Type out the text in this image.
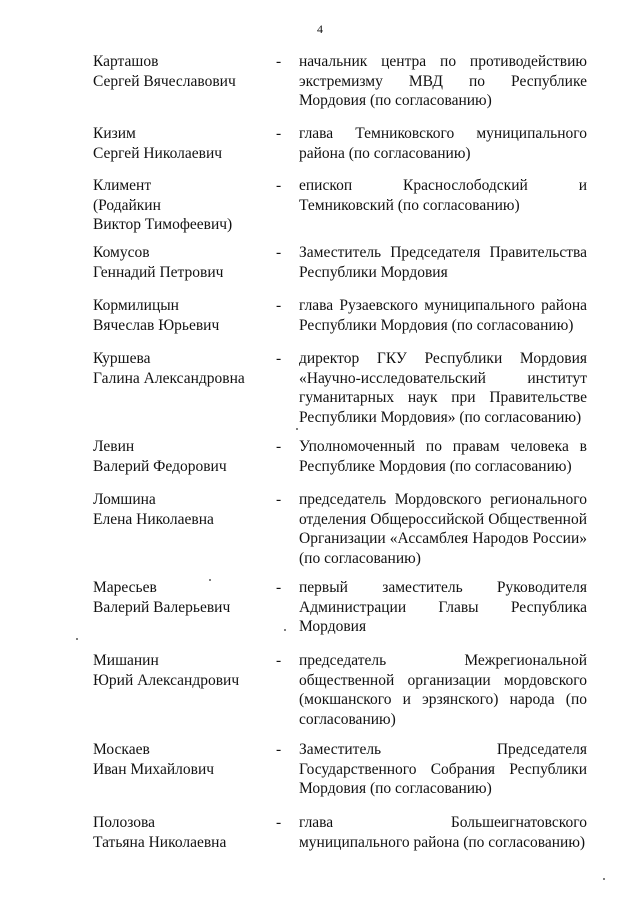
4
Карташов
Сергей Вячеславович
-	начальник центра по противодействию экстремизму МВД по Республике Мордовия (по согласованию)
Кизим
Сергей Николаевич
-	глава Темниковского муниципального района (по согласованию)
Климент
(Родайкин
Виктор Тимофеевич)
-	епископ Краснослободский и Темниковский (по согласованию)
Комусов
Геннадий Петрович
-	Заместитель Председателя Правительства Республики Мордовия
Кормилицын
Вячеслав Юрьевич
-	глава Рузаевского муниципального района Республики Мордовия (по согласованию)
Куршева
Галина Александровна
-	директор ГКУ Республики Мордовия «Научно-исследовательский институт гуманитарных наук при Правительстве Республики Мордовия» (по согласованию)
Левин
Валерий Федорович
-	Уполномоченный по правам человека в Республике Мордовия (по согласованию)
Ломшина
Елена Николаевна
-	председатель Мордовского регионального отделения Общероссийской Общественной Организации «Ассамблея Народов России» (по согласованию)
Маресьев
Валерий Валерьевич
-	первый заместитель Руководителя Администрации Главы Республика Мордовия
Мишанин
Юрий Александрович
-	председатель Межрегиональной общественной организации мордовского (мокшанского и эрзянского) народа (по согласованию)
Москаев
Иван Михайлович
-	Заместитель Председателя Государственного Собрания Республики Мордовия (по согласованию)
Полозова
Татьяна Николаевна
-	глава Большеигнатовского муниципального района (по согласованию)
